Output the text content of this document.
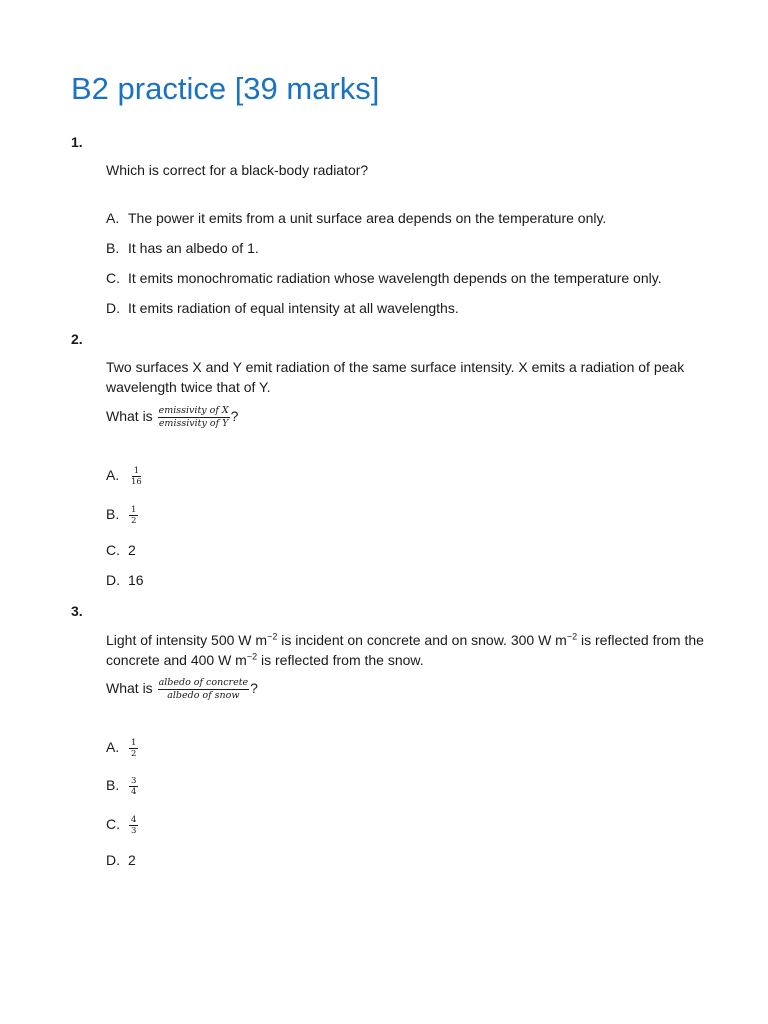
B2 practice [39 marks]
1.
Which is correct for a black-body radiator?
A. The power it emits from a unit surface area depends on the temperature only.
B. It has an albedo of 1.
C. It emits monochromatic radiation whose wavelength depends on the temperature only.
D. It emits radiation of equal intensity at all wavelengths.
2.
Two surfaces X and Y emit radiation of the same surface intensity. X emits a radiation of peak wavelength twice that of Y.
What is $\frac{\text{emissivity of X}}{\text{emissivity of Y}}$ ?
A. $\frac{1}{16}$
B. $\frac{1}{2}$
C. 2
D. 16
3.
Light of intensity 500 W $m^{-2}$ is incident on concrete and on snow. 300 W $m^{-2}$ is reflected from the concrete and 400 W $m^{-2}$ is reflected from the snow.
What is $\frac{\text{albedo of concrete}}{\text{albedo of snow}}$ ?
A. $\frac{1}{2}$
B. $\frac{3}{4}$
C. $\frac{4}{3}$
D. 2
